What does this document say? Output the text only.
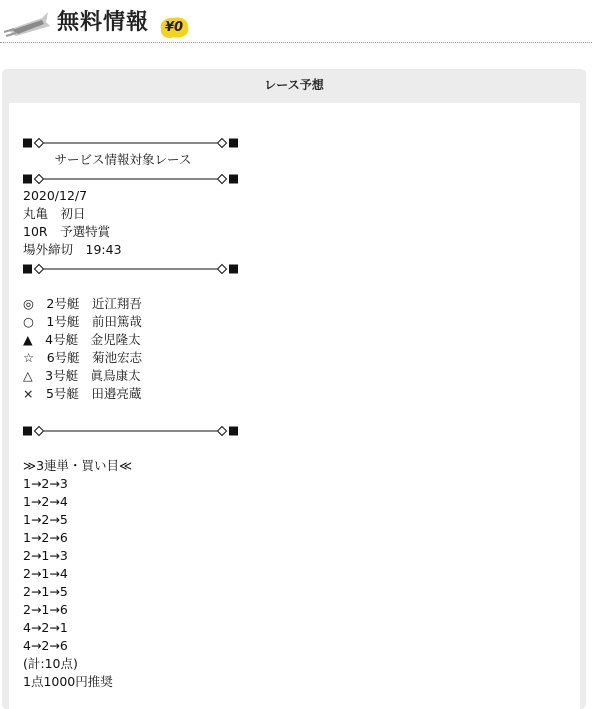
無料情報	¥0
レース予想
サービス情報対象レース
2020/12/7
丸亀　初日
10R　予選特賞
場外締切　19:43
◎　2号艇　近江翔吾
○　1号艇　前田篤哉
▲　4号艇　金児隆太
☆　6号艇　菊池宏志
△　3号艇　眞鳥康太
×　5号艇　田邉亮蔵
≫3連単・買い目≪
1→2→3
1→2→4
1→2→5
1→2→6
2→1→3
2→1→4
2→1→5
2→1→6
4→2→1
4→2→6
(計:10点)
1点1000円推奨
